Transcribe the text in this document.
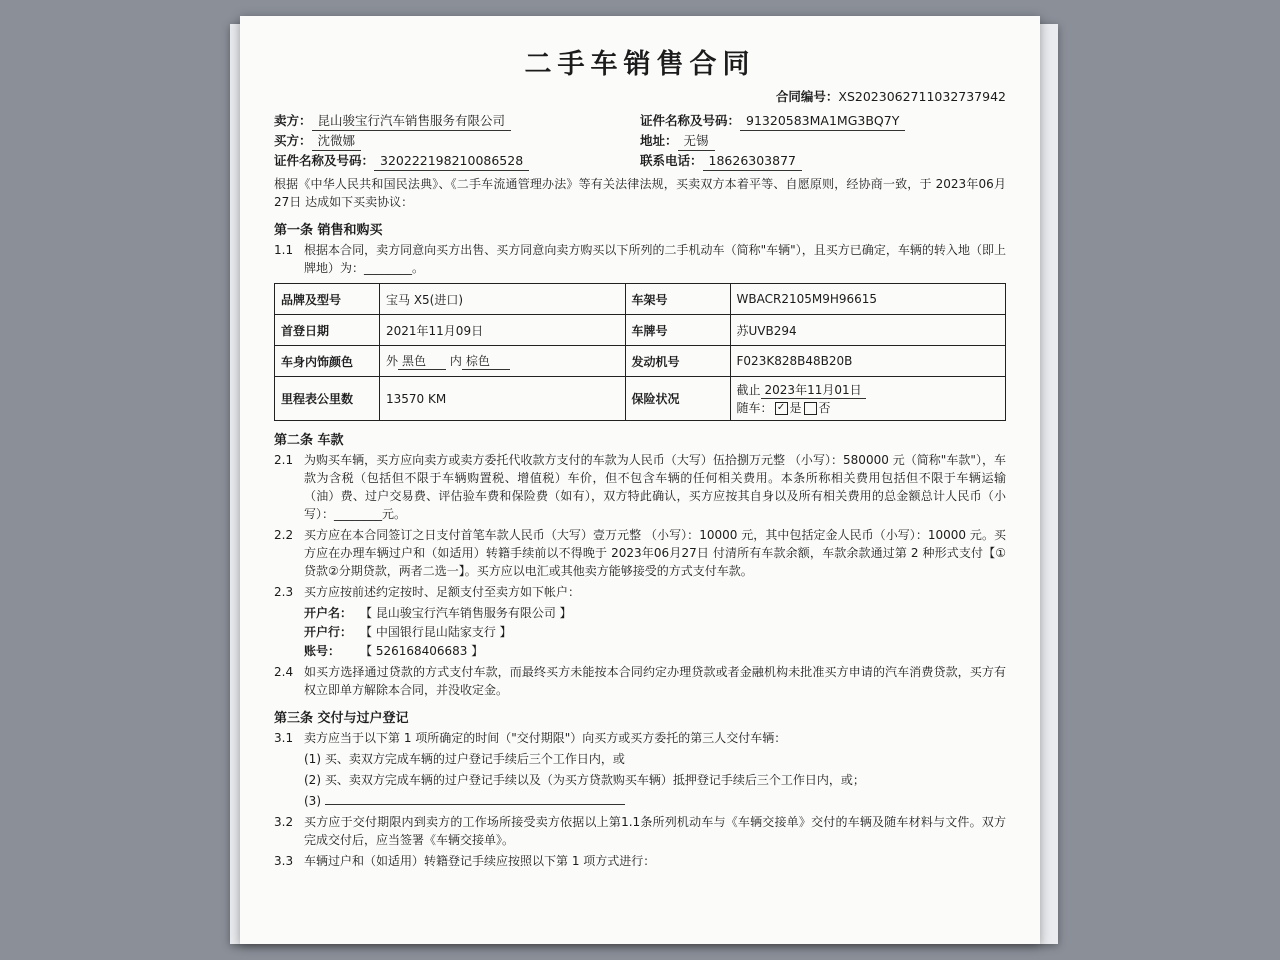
二手车销售合同
合同编号：XS2023062711032737942
卖方： 昆山骏宝行汽车销售服务有限公司	证件名称及号码： 91320583MA1MG3BQ7Y
买方： 沈微娜	地址： 无锡
证件名称及号码： 320222198210086528	联系电话： 18626303877
根据《中华人民共和国民法典》、《二手车流通管理办法》等有关法律法规，买卖双方本着平等、自愿原则，经协商一致，于 2023年06月27日 达成如下买卖协议：
第一条 销售和购买
1.1 根据本合同，卖方同意向买方出售、买方同意向卖方购买以下所列的二手机动车（简称"车辆"），且买方已确定，车辆的转入地（即上牌地）为：________。
品牌及型号	宝马 X5(进口)	车架号	WBACR2105M9H96615
首登日期	2021年11月09日	车牌号	苏UVB294
车身内饰颜色	外 黑色 内 棕色	发动机号	F023K828B48B20B
里程表公里数	13570 KM	保险状况	截止 2023年11月01日
随车： ✓ 是 否
第二条 车款
2.1 为购买车辆，买方应向卖方或卖方委托代收款方支付的车款为人民币（大写）伍拾捌万元整 （小写）：580000 元（简称"车款"），车款为含税（包括但不限于车辆购置税、增值税）车价，但不包含车辆的任何相关费用。本条所称相关费用包括但不限于车辆运输（油）费、过户交易费、评估验车费和保险费（如有），双方特此确认，买方应按其自身以及所有相关费用的总金额总计人民币（小写）：________元。
2.2 买方应在本合同签订之日支付首笔车款人民币（大写）壹万元整 （小写）：10000 元，其中包括定金人民币（小写）：10000 元。买方应在办理车辆过户和（如适用）转籍手续前以不得晚于 2023年06月27日 付清所有车款余额，车款余款通过第 2 种形式支付【①贷款②分期贷款，两者二选一】。买方应以电汇或其他卖方能够接受的方式支付车款。
2.3 买方应按前述约定按时、足额支付至卖方如下帐户：
开户名： 【 昆山骏宝行汽车销售服务有限公司 】
开户行： 【 中国银行昆山陆家支行 】
账号：	【 526168406683 】
2.4 如买方选择通过贷款的方式支付车款，而最终买方未能按本合同约定办理贷款或者金融机构未批准买方申请的汽车消费贷款，买方有权立即单方解除本合同，并没收定金。
第三条 交付与过户登记
3.1 卖方应当于以下第 1 项所确定的时间（"交付期限"）向买方或买方委托的第三人交付车辆：
(1) 买、卖双方完成车辆的过户登记手续后三个工作日内，或
(2) 买、卖双方完成车辆的过户登记手续以及（为买方贷款购买车辆）抵押登记手续后三个工作日内，或；
(3)
3.2 买方应于交付期限内到卖方的工作场所接受卖方依据以上第1.1条所列机动车与《车辆交接单》交付的车辆及随车材料与文件。双方完成交付后，应当签署《车辆交接单》。
3.3 车辆过户和（如适用）转籍登记手续应按照以下第 1 项方式进行：
